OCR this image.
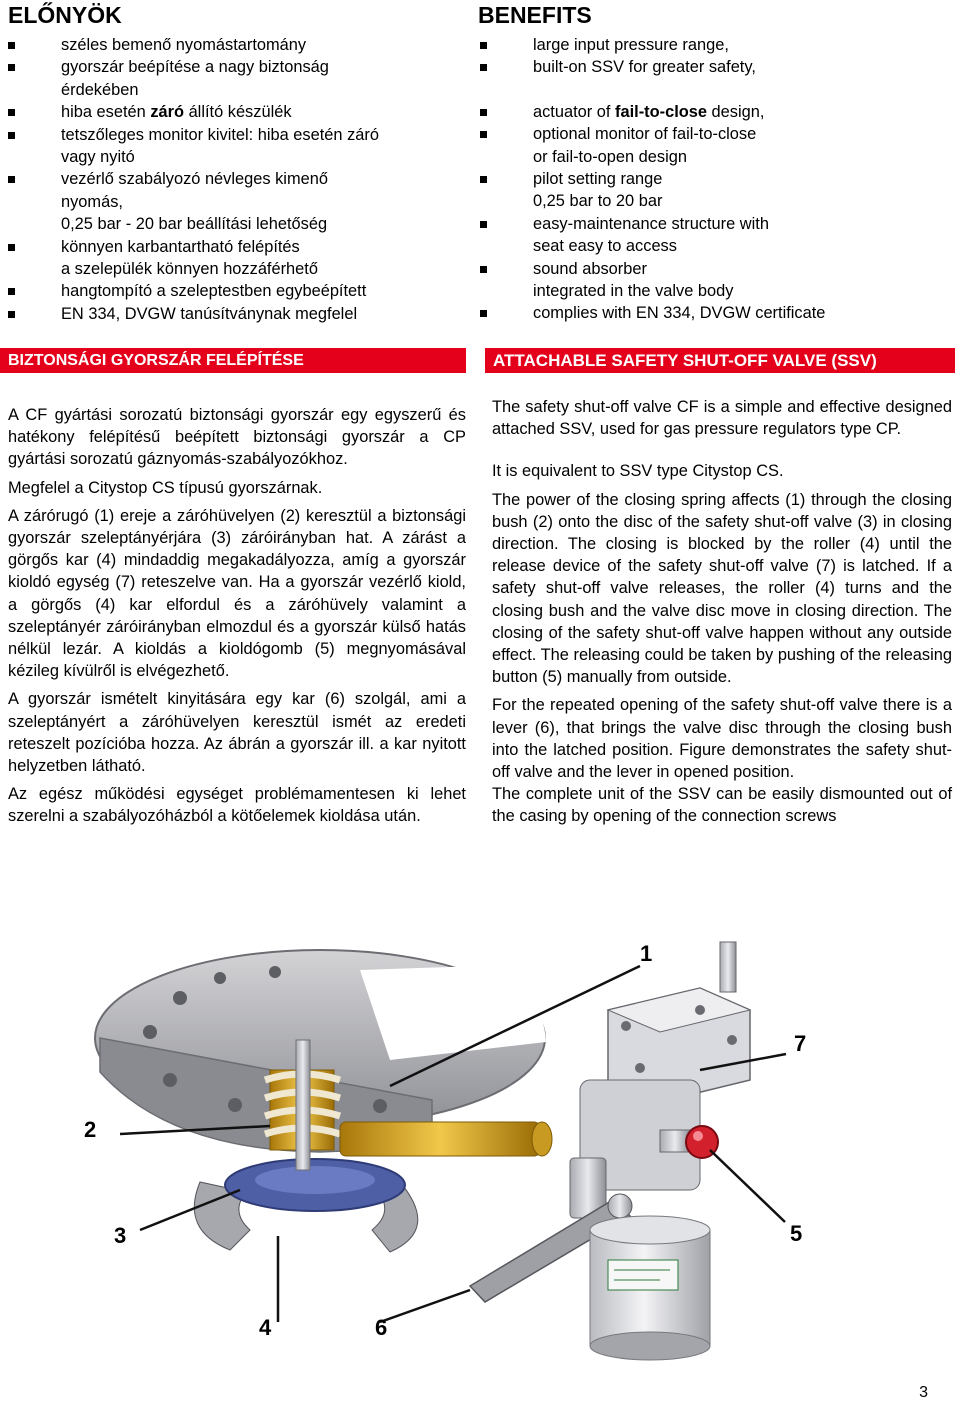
ELŐNYÖK
széles bemenő nyomástartomány
gyorszár beépítése a nagy biztonság
érdekében
hiba esetén záró állító készülék
tetszőleges monitor kivitel: hiba esetén záró
vagy nyitó
vezérlő szabályozó névleges kimenő
nyomás,
0,25 bar - 20 bar beállítási lehetőség
könnyen karbantartható felépítés
a szelepülék könnyen hozzáférhető
hangtompító a szeleptestben egybeépített
EN 334, DVGW tanúsítványnak megfelel
BENEFITS
large input pressure range,
built-on SSV for greater safety,
actuator of fail-to-close design,
optional monitor of fail-to-close
or fail-to-open design
pilot setting range
0,25 bar to 20 bar
easy-maintenance structure with
seat easy to access
sound absorber
integrated in the valve body
complies with EN 334, DVGW certificate
BIZTONSÁGI GYORSZÁR FELÉPÍTÉSE	ATTACHABLE SAFETY SHUT-OFF VALVE (SSV)

A CF gyártási sorozatú biztonsági gyorszár egy egyszerű és hatékony felépítésű beépített biztonsági gyorszár a CP gyártási sorozatú gáznyomás-szabályozókhoz.

Megfelel a Citystop CS típusú gyorszárnak.

A zárórugó (1) ereje a záróhüvelyen (2) keresztül a biztonsági gyorszár szeleptányérjára (3) záróirányban hat. A zárást a görgős kar (4) mindaddig megakadályozza, amíg a gyorszár kioldó egység (7) reteszelve van. Ha a gyorszár vezérlő kiold, a görgős (4) kar elfordul és a záróhüvely valamint a szeleptányér záróirányban elmozdul és a gyorszár külső hatás nélkül lezár. A kioldás a kioldógomb (5) megnyomásával kézileg kívülről is elvégezhető.

A gyorszár ismételt kinyitására egy kar (6) szolgál, ami a szeleptányért a záróhüvelyen keresztül ismét az eredeti reteszelt pozícióba hozza. Az ábrán a gyorszár ill. a kar nyitott helyzetben látható.

Az egész működési egységet problémamentesen ki lehet szerelni a szabályozóházból a kötőelemek kioldása után.

The safety shut-off valve CF is a simple and effective designed attached SSV, used for gas pressure regulators type CP.

It is equivalent to SSV type Citystop CS.

The power of the closing spring affects (1) through the closing bush (2) onto the disc of the safety shut-off valve (3) in closing direction. The closing is blocked by the roller (4) until the release device of the safety shut-off valve (7) is latched. If a safety shut-off valve releases, the roller (4) turns and the closing bush and the valve disc move in closing direction. The closing of the safety shut-off valve happen without any outside effect. The releasing could be taken by pushing of the releasing button (5) manually from outside.

For the repeated opening of the safety shut-off valve there is a lever (6), that brings the valve disc through the closing bush into the latched position. Figure demonstrates the safety shut-off valve and the lever in opened position.

The complete unit of the SSV can be easily dismounted out of the casing by opening of the connection screws

1
2
3
4
5
6
7
3
